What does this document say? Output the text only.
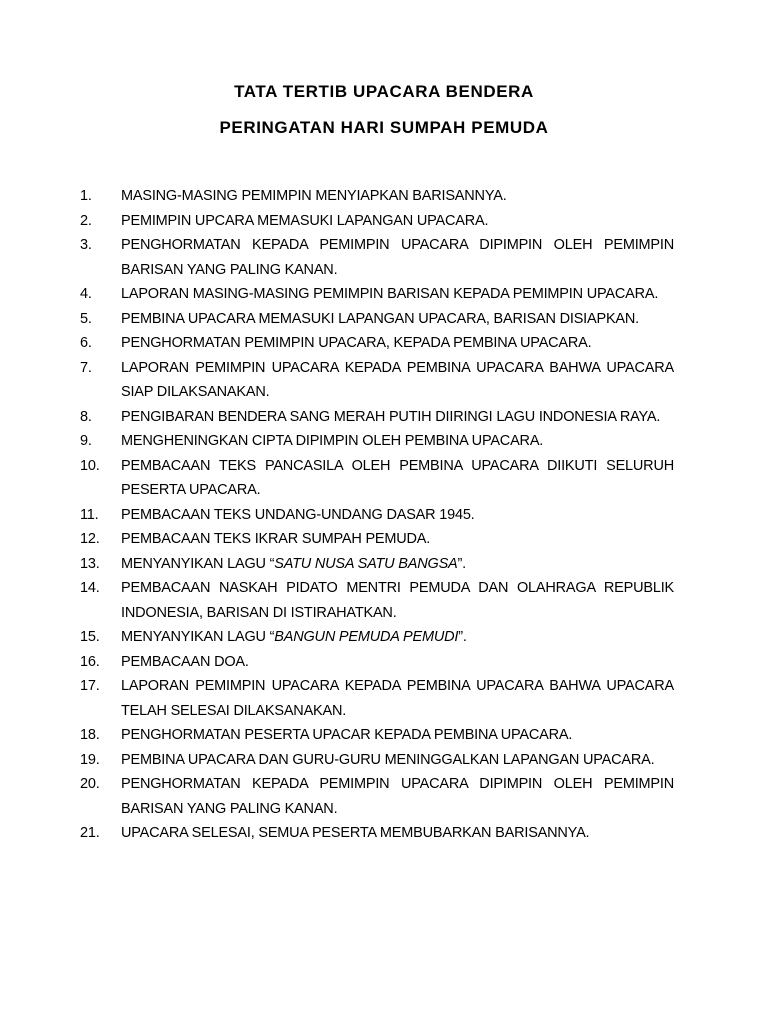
TATA TERTIB UPACARA BENDERA
PERINGATAN HARI SUMPAH PEMUDA
1.	MASING-MASING PEMIMPIN MENYIAPKAN BARISANNYA.
2.	PEMIMPIN UPCARA MEMASUKI LAPANGAN UPACARA.
3.	PENGHORMATAN KEPADA PEMIMPIN UPACARA DIPIMPIN OLEH PEMIMPIN BARISAN YANG PALING KANAN.
4.	LAPORAN MASING-MASING PEMIMPIN BARISAN KEPADA PEMIMPIN UPACARA.
5.	PEMBINA UPACARA MEMASUKI LAPANGAN UPACARA, BARISAN DISIAPKAN.
6.	PENGHORMATAN PEMIMPIN UPACARA, KEPADA PEMBINA UPACARA.
7.	LAPORAN PEMIMPIN UPACARA KEPADA PEMBINA UPACARA BAHWA UPACARA SIAP DILAKSANAKAN.
8.	PENGIBARAN BENDERA SANG MERAH PUTIH DIIRINGI LAGU INDONESIA RAYA.
9.	MENGHENINGKAN CIPTA DIPIMPIN OLEH PEMBINA UPACARA.
10.	PEMBACAAN TEKS PANCASILA OLEH PEMBINA UPACARA DIIKUTI SELURUH PESERTA UPACARA.
11.	PEMBACAAN TEKS UNDANG-UNDANG DASAR 1945.
12.	PEMBACAAN TEKS IKRAR SUMPAH PEMUDA.
13.	MENYANYIKAN LAGU “SATU NUSA SATU BANGSA”.
14.	PEMBACAAN NASKAH PIDATO MENTRI PEMUDA DAN OLAHRAGA REPUBLIK INDONESIA, BARISAN DI ISTIRAHATKAN.
15.	MENYANYIKAN LAGU “BANGUN PEMUDA PEMUDI”.
16.	PEMBACAAN DOA.
17.	LAPORAN PEMIMPIN UPACARA KEPADA PEMBINA UPACARA BAHWA UPACARA TELAH SELESAI DILAKSANAKAN.
18.	PENGHORMATAN PESERTA UPACAR KEPADA PEMBINA UPACARA.
19.	PEMBINA UPACARA DAN GURU-GURU MENINGGALKAN LAPANGAN UPACARA.
20.	PENGHORMATAN KEPADA PEMIMPIN UPACARA DIPIMPIN OLEH PEMIMPIN BARISAN YANG PALING KANAN.
21.	UPACARA SELESAI, SEMUA PESERTA MEMBUBARKAN BARISANNYA.
